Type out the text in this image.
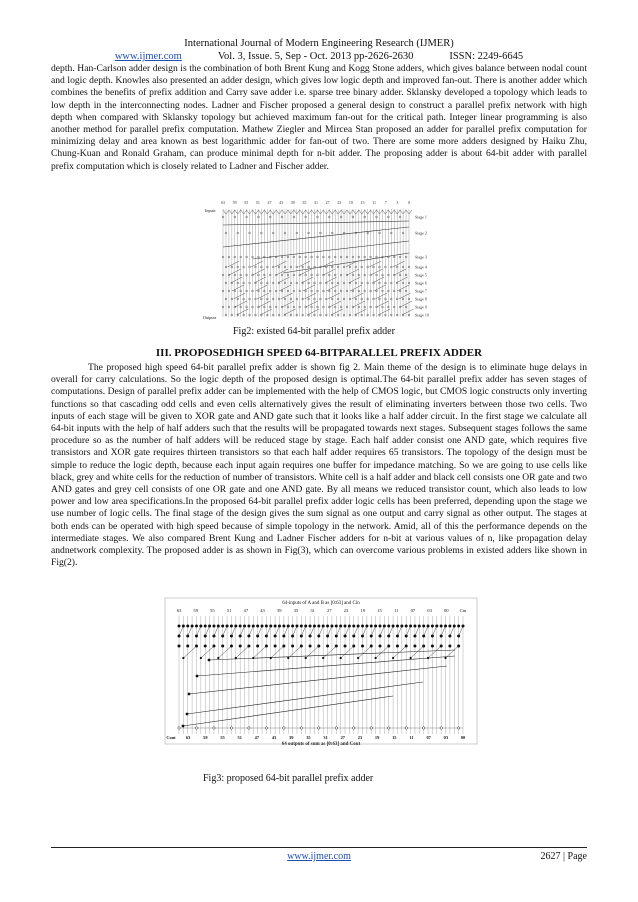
International Journal of Modern Engineering Research (IJMER)
www.ijmer.com	Vol. 3, Issue. 5, Sep - Oct. 2013 pp-2626-2630	ISSN: 2249-6645
depth. Han-Carlson adder design is the combination of both Brent Kung and Kogg Stone adders, which gives balance between nodal count and logic depth. Knowles also presented an adder design, which gives low logic depth and improved fan-out. There is another adder which combines the benefits of prefix addition and Carry save adder i.e. sparse tree binary adder. Sklansky developed a topology which leads to low depth in the interconnecting nodes. Ladner and Fischer proposed a general design to construct a parallel prefix network with high depth when compared with Sklansky topology but achieved maximum fan-out for the critical path. Integer linear programming is also another method for parallel prefix computation. Mathew Ziegler and Mircea Stan proposed an adder for parallel prefix computation for minimizing delay and area known as best logarithmic adder for fan-out of two. There are some more adders designed by Haiku Zhu, Chung-Kuan and Ronald Graham, can produce minimal depth for n-bit adder. The proposing adder is about 64-bit adder with parallel prefix computation which is closely related to Ladner and Fischer adder.
63 59 55 51 47 43 39 35 31 27 23 19 15 11 7 3 0
Stage 1
Stage 2
Stage 3
Stage 4
Stage 5
Stage 6
Stage 7
Stage 8
Stage 9
Stage 10
Inputs
Outputs
Fig2: existed 64-bit parallel prefix adder
III. PROPOSEDHIGH SPEED 64-BITPARALLEL PREFIX ADDER
The proposed high speed 64-bit parallel prefix adder is shown fig 2. Main theme of the design is to eliminate huge delays in overall for carry calculations. So the logic depth of the proposed design is optimal.The 64-bit parallel prefix adder has seven stages of computations. Design of parallel prefix adder can be implemented with the help of CMOS logic, but CMOS logic constructs only inverting functions so that cascading odd cells and even cells alternatively gives the result of eliminating inverters between those two cells. Two inputs of each stage will be given to XOR gate and AND gate such that it looks like a half adder circuit. In the first stage we calculate all 64-bit inputs with the help of half adders such that the results will be propagated towards next stages. Subsequent stages follows the same procedure so as the number of half adders will be reduced stage by stage. Each half adder consist one AND gate, which requires five transistors and XOR gate requires thirteen transistors so that each half adder requires 65 transistors. The topology of the design must be simple to reduce the logic depth, because each input again requires one buffer for impedance matching. So we are going to use cells like black, grey and white cells for the reduction of number of transistors. White cell is a half adder and black cell consists one OR gate and two AND gates and grey cell consists of one OR gate and one AND gate. By all means we reduced transistor count, which also leads to low power and low area specifications.In the proposed 64-bit parallel prefix adder logic cells has been preferred, depending upon the stage we use number of logic cells. The final stage of the design gives the sum signal as one output and carry signal as other output. The stages at both ends can be operated with high speed because of simple topology in the network. Amid, all of this the performance depends on the intermediate stages. We also compared Brent Kung and Ladner Fischer adders for n-bit at various values of n, like propagation delay andnetwork complexity. The proposed adder is as shown in Fig(3), which can overcome various problems in existed adders like shown in Fig(2).
64-inputs of A and B as [0:63] and Cin
64 outputs of sum as [0:63] and Cout
63	59	55	51	47	43	39	35	31	27	23	19	15	11	07	03	00 Cin
Cout 63	59	55	51	47	43	39	35	31	27	23	19	15	11	07	03	00
Fig3: proposed 64-bit parallel prefix adder
www.ijmer.com	2627 | Page
